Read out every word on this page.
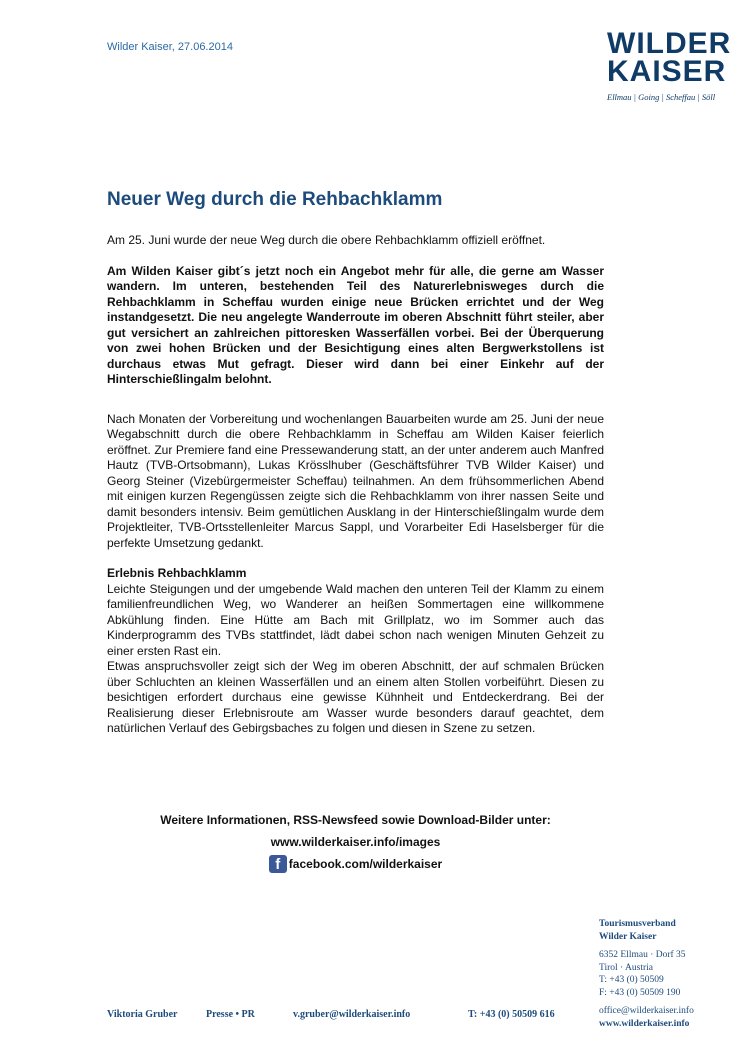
Wilder Kaiser, 27.06.2014	WILDER
KAISER
Ellmau | Going | Scheffau | Söll
Neuer Weg durch die Rehbachklamm

Am 25. Juni wurde der neue Weg durch die obere Rehbachklamm offiziell eröffnet.

Am Wilden Kaiser gibt´s jetzt noch ein Angebot mehr für alle, die gerne am Wasser wandern. Im unteren, bestehenden Teil des Naturerlebnisweges durch die Rehbachklamm in Scheffau wurden einige neue Brücken errichtet und der Weg instandgesetzt. Die neu angelegte Wanderroute im oberen Abschnitt führt steiler, aber gut versichert an zahlreichen pittoresken Wasserfällen vorbei. Bei der Überquerung von zwei hohen Brücken und der Besichtigung eines alten Bergwerkstollens ist durchaus etwas Mut gefragt. Dieser wird dann bei einer Einkehr auf der Hinterschießlingalm belohnt.

Nach Monaten der Vorbereitung und wochenlangen Bauarbeiten wurde am 25. Juni der neue Wegabschnitt durch die obere Rehbachklamm in Scheffau am Wilden Kaiser feierlich eröffnet. Zur Premiere fand eine Pressewanderung statt, an der unter anderem auch Manfred Hautz (TVB-Ortsobmann), Lukas Krösslhuber (Geschäftsführer TVB Wilder Kaiser) und Georg Steiner (Vizebürgermeister Scheffau) teilnahmen. An dem frühsommerlichen Abend mit einigen kurzen Regengüssen zeigte sich die Rehbachklamm von ihrer nassen Seite und damit besonders intensiv. Beim gemütlichen Ausklang in der Hinterschießlingalm wurde dem Projektleiter, TVB-Ortsstellenleiter Marcus Sappl, und Vorarbeiter Edi Haselsberger für die perfekte Umsetzung gedankt.

Erlebnis Rehbachklamm

Leichte Steigungen und der umgebende Wald machen den unteren Teil der Klamm zu einem familienfreundlichen Weg, wo Wanderer an heißen Sommertagen eine willkommene Abkühlung finden. Eine Hütte am Bach mit Grillplatz, wo im Sommer auch das Kinderprogramm des TVBs stattfindet, lädt dabei schon nach wenigen Minuten Gehzeit zu einer ersten Rast ein.

Etwas anspruchsvoller zeigt sich der Weg im oberen Abschnitt, der auf schmalen Brücken über Schluchten an kleinen Wasserfällen und an einem alten Stollen vorbeiführt. Diesen zu besichtigen erfordert durchaus eine gewisse Kühnheit und Entdeckerdrang. Bei der Realisierung dieser Erlebnisroute am Wasser wurde besonders darauf geachtet, dem natürlichen Verlauf des Gebirgsbaches zu folgen und diesen in Szene zu setzen.

Weitere Informationen, RSS-Newsfeed sowie Download-Bilder unter:
www.wilderkaiser.info/images
f facebook.com/wilderkaiser
Tourismusverband
Wilder Kaiser
6352 Ellmau · Dorf 35
Tirol · Austria
T: +43 (0) 50509
F: +43 (0) 50509 190
office@wilderkaiser.info
www.wilderkaiser.info
Viktoria Gruber	Presse • PR	v.gruber@wilderkaiser.info	T: +43 (0) 50509 616
